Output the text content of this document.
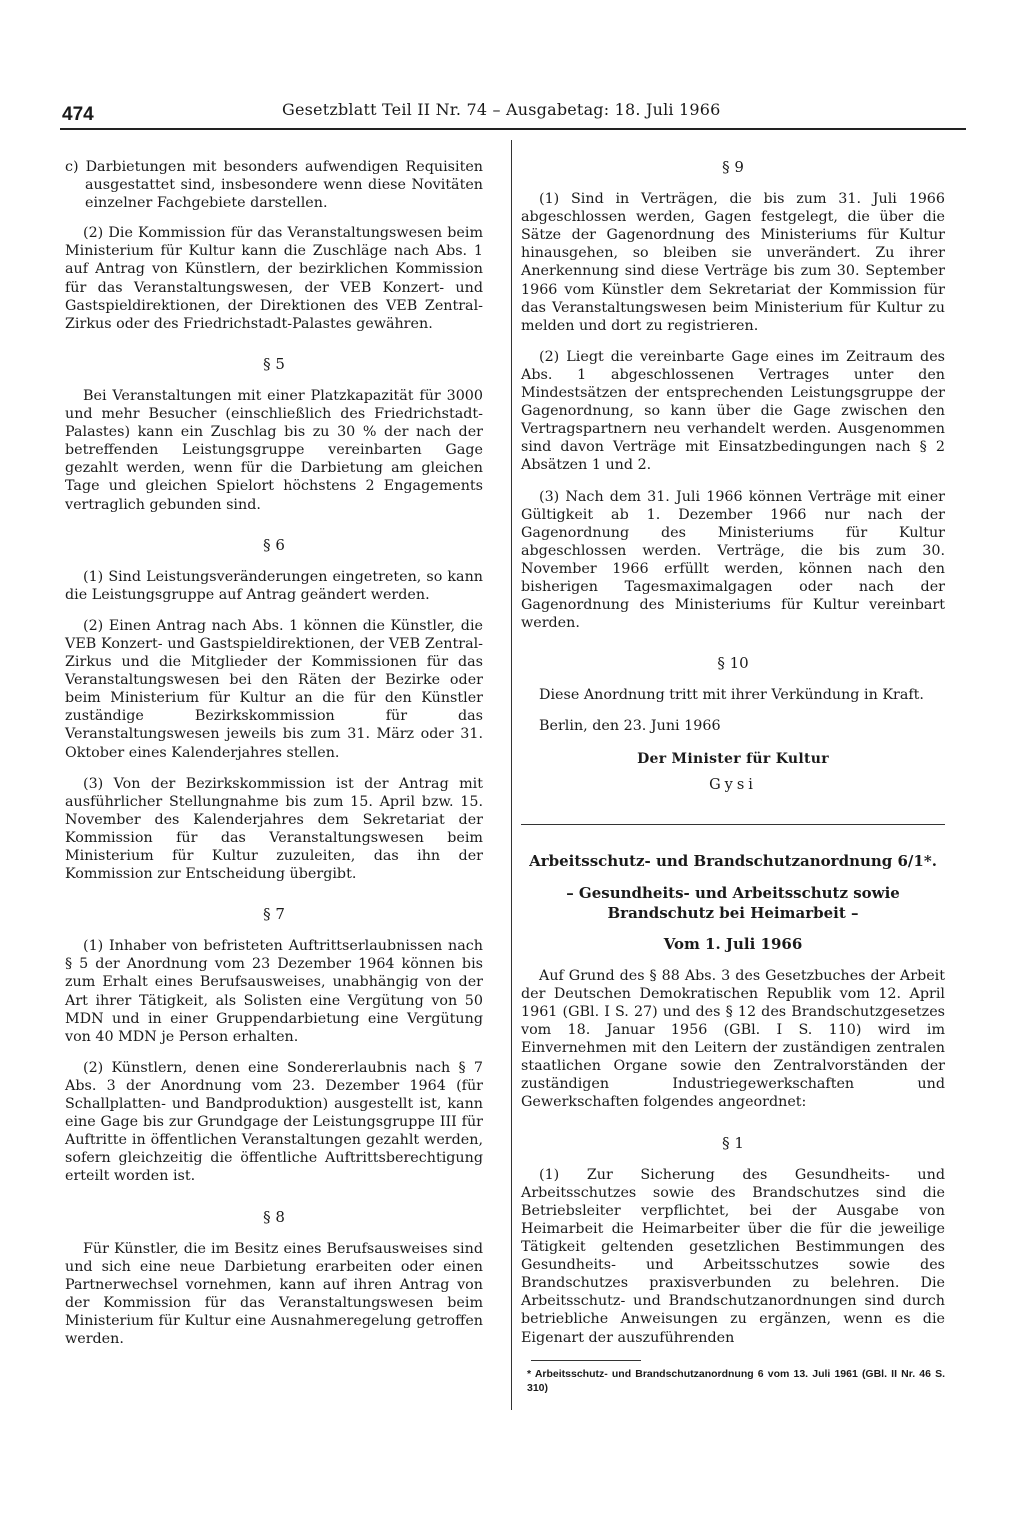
474	Gesetzblatt Teil II Nr. 74 – Ausgabetag: 18. Juli 1966

c) Darbietungen mit besonders aufwendigen Requisiten ausgestattet sind, insbesondere wenn diese Novitäten einzelner Fachgebiete darstellen.

(2) Die Kommission für das Veranstaltungswesen beim Ministerium für Kultur kann die Zuschläge nach Abs. 1 auf Antrag von Künstlern, der bezirklichen Kommission für das Veranstaltungswesen, der VEB Konzert- und Gastspieldirektionen, der Direktionen des VEB Zentral-Zirkus oder des Friedrichstadt-Palastes gewähren.

§ 5

Bei Veranstaltungen mit einer Platzkapazität für 3000 und mehr Besucher (einschließlich des Friedrichstadt-Palastes) kann ein Zuschlag bis zu 30 % der nach der betreffenden Leistungsgruppe vereinbarten Gage gezahlt werden, wenn für die Darbietung am gleichen Tage und gleichen Spielort höchstens 2 Engagements vertraglich gebunden sind.

§ 6

(1) Sind Leistungsveränderungen eingetreten, so kann die Leistungsgruppe auf Antrag geändert werden.

(2) Einen Antrag nach Abs. 1 können die Künstler, die VEB Konzert- und Gastspieldirektionen, der VEB Zentral-Zirkus und die Mitglieder der Kommissionen für das Veranstaltungswesen bei den Räten der Bezirke oder beim Ministerium für Kultur an die für den Künstler zuständige Bezirkskommission für das Veranstaltungswesen jeweils bis zum 31. März oder 31. Oktober eines Kalenderjahres stellen.

(3) Von der Bezirkskommission ist der Antrag mit ausführlicher Stellungnahme bis zum 15. April bzw. 15. November des Kalenderjahres dem Sekretariat der Kommission für das Veranstaltungswesen beim Ministerium für Kultur zuzuleiten, das ihn der Kommission zur Entscheidung übergibt.

§ 7

(1) Inhaber von befristeten Auftrittserlaubnissen nach § 5 der Anordnung vom 23 Dezember 1964 können bis zum Erhalt eines Berufsausweises, unabhängig von der Art ihrer Tätigkeit, als Solisten eine Vergütung von 50 MDN und in einer Gruppendarbietung eine Vergütung von 40 MDN je Person erhalten.

(2) Künstlern, denen eine Sondererlaubnis nach § 7 Abs. 3 der Anordnung vom 23. Dezember 1964 (für Schallplatten- und Bandproduktion) ausgestellt ist, kann eine Gage bis zur Grundgage der Leistungsgruppe III für Auftritte in öffentlichen Veranstaltungen gezahlt werden, sofern gleichzeitig die öffentliche Auftrittsberechtigung erteilt worden ist.

§ 8

Für Künstler, die im Besitz eines Berufsausweises sind und sich eine neue Darbietung erarbeiten oder einen Partnerwechsel vornehmen, kann auf ihren Antrag von der Kommission für das Veranstaltungswesen beim Ministerium für Kultur eine Ausnahmeregelung getroffen werden.

§ 9

(1) Sind in Verträgen, die bis zum 31. Juli 1966 abgeschlossen werden, Gagen festgelegt, die über die Sätze der Gagenordnung des Ministeriums für Kultur hinausgehen, so bleiben sie unverändert. Zu ihrer Anerkennung sind diese Verträge bis zum 30. September 1966 vom Künstler dem Sekretariat der Kommission für das Veranstaltungswesen beim Ministerium für Kultur zu melden und dort zu registrieren.

(2) Liegt die vereinbarte Gage eines im Zeitraum des Abs. 1 abgeschlossenen Vertrages unter den Mindestsätzen der entsprechenden Leistungsgruppe der Gagenordnung, so kann über die Gage zwischen den Vertragspartnern neu verhandelt werden. Ausgenommen sind davon Verträge mit Einsatzbedingungen nach § 2 Absätzen 1 und 2.

(3) Nach dem 31. Juli 1966 können Verträge mit einer Gültigkeit ab 1. Dezember 1966 nur nach der Gagenordnung des Ministeriums für Kultur abgeschlossen werden. Verträge, die bis zum 30. November 1966 erfüllt werden, können nach den bisherigen Tagesmaximalgagen oder nach der Gagenordnung des Ministeriums für Kultur vereinbart werden.

§ 10

Diese Anordnung tritt mit ihrer Verkündung in Kraft.

Berlin, den 23. Juni 1966

Der Minister für Kultur
Gysi
Arbeitsschutz- und Brandschutzanordnung 6/1*.
– Gesundheits- und Arbeitsschutz sowie Brandschutz bei Heimarbeit –
Vom 1. Juli 1966

Auf Grund des § 88 Abs. 3 des Gesetzbuches der Arbeit der Deutschen Demokratischen Republik vom 12. April 1961 (GBl. I S. 27) und des § 12 des Brandschutzgesetzes vom 18. Januar 1956 (GBl. I S. 110) wird im Einvernehmen mit den Leitern der zuständigen zentralen staatlichen Organe sowie den Zentralvorständen der zuständigen Industriegewerkschaften und Gewerkschaften folgendes angeordnet:

§ 1

(1) Zur Sicherung des Gesundheits- und Arbeitsschutzes sowie des Brandschutzes sind die Betriebsleiter verpflichtet, bei der Ausgabe von Heimarbeit die Heimarbeiter über die für die jeweilige Tätigkeit geltenden gesetzlichen Bestimmungen des Gesundheits- und Arbeitsschutzes sowie des Brandschutzes praxisverbunden zu belehren. Die Arbeitsschutz- und Brandschutzanordnungen sind durch betriebliche Anweisungen zu ergänzen, wenn es die Eigenart der auszuführenden

* Arbeitsschutz- und Brandschutzanordnung 6 vom 13. Juli 1961 (GBl. II Nr. 46 S. 310)
